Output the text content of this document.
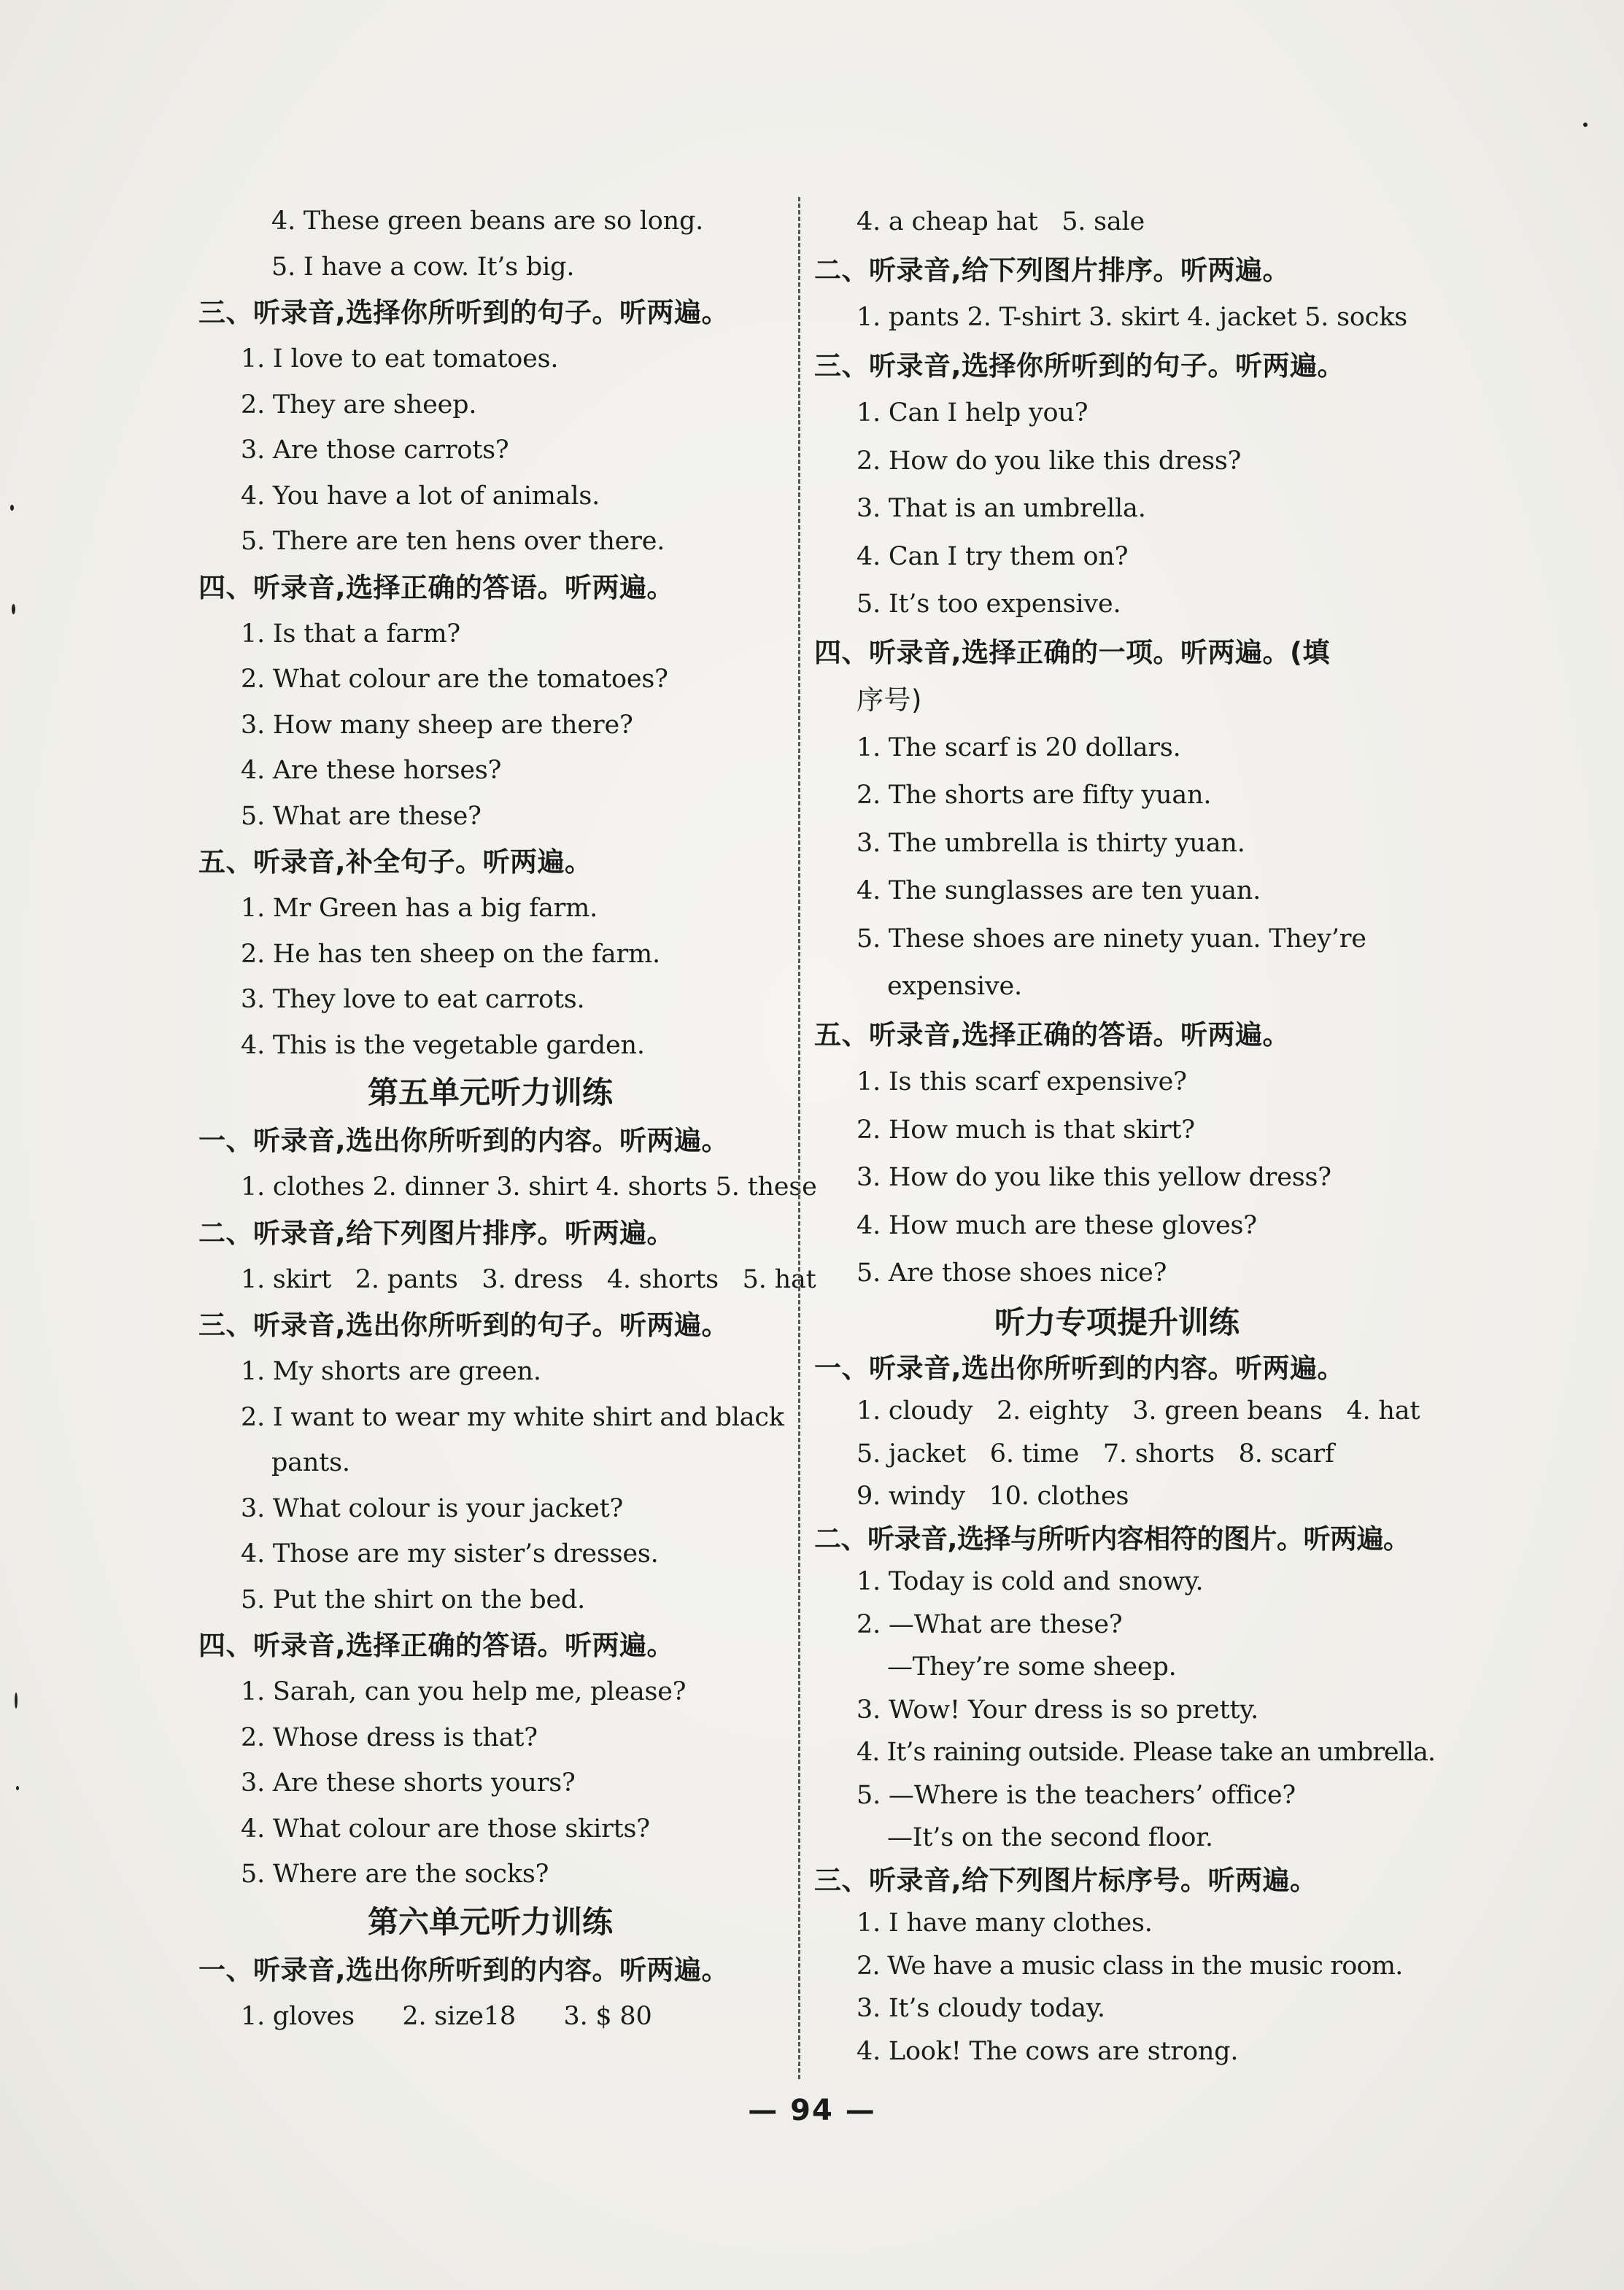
4. These green beans are so long.
5. I have a cow. It’s big.
三、听录音,选择你所听到的句子。听两遍。
1. I love to eat tomatoes.
2. They are sheep.
3. Are those carrots?
4. You have a lot of animals.
5. There are ten hens over there.
四、听录音,选择正确的答语。听两遍。
1. Is that a farm?
2. What colour are the tomatoes?
3. How many sheep are there?
4. Are these horses?
5. What are these?
五、听录音,补全句子。听两遍。
1. Mr Green has a big farm.
2. He has ten sheep on the farm.
3. They love to eat carrots.
4. This is the vegetable garden.
第五单元听力训练
一、听录音,选出你所听到的内容。听两遍。
1. clothes 2. dinner 3. shirt 4. shorts 5. these
二、听录音,给下列图片排序。听两遍。
1. skirt   2. pants   3. dress   4. shorts   5. hat
三、听录音,选出你所听到的句子。听两遍。
1. My shorts are green.
2. I want to wear my white shirt and black
pants.
3. What colour is your jacket?
4. Those are my sister’s dresses.
5. Put the shirt on the bed.
四、听录音,选择正确的答语。听两遍。
1. Sarah, can you help me, please?
2. Whose dress is that?
3. Are these shorts yours?
4. What colour are those skirts?
5. Where are the socks?
第六单元听力训练
一、听录音,选出你所听到的内容。听两遍。
1. gloves      2. size18      3. $ 80
4. a cheap hat   5. sale
二、听录音,给下列图片排序。听两遍。
1. pants 2. T-shirt 3. skirt 4. jacket 5. socks
三、听录音,选择你所听到的句子。听两遍。
1. Can I help you?
2. How do you like this dress?
3. That is an umbrella.
4. Can I try them on?
5. It’s too expensive.
四、听录音,选择正确的一项。听两遍。(填
序号)
1. The scarf is 20 dollars.
2. The shorts are fifty yuan.
3. The umbrella is thirty yuan.
4. The sunglasses are ten yuan.
5. These shoes are ninety yuan. They’re
expensive.
五、听录音,选择正确的答语。听两遍。
1. Is this scarf expensive?
2. How much is that skirt?
3. How do you like this yellow dress?
4. How much are these gloves?
5. Are those shoes nice?
听力专项提升训练
一、听录音,选出你所听到的内容。听两遍。
1. cloudy   2. eighty   3. green beans   4. hat
5. jacket   6. time   7. shorts   8. scarf
9. windy   10. clothes
二、听录音,选择与所听内容相符的图片。听两遍。
1. Today is cold and snowy.
2. —What are these?
—They’re some sheep.
3. Wow! Your dress is so pretty.
4. It’s raining outside. Please take an umbrella.
5. —Where is the teachers’ office?
—It’s on the second floor.
三、听录音,给下列图片标序号。听两遍。
1. I have many clothes.
2. We have a music class in the music room.
3. It’s cloudy today.
4. Look! The cows are strong.
— 94 —
